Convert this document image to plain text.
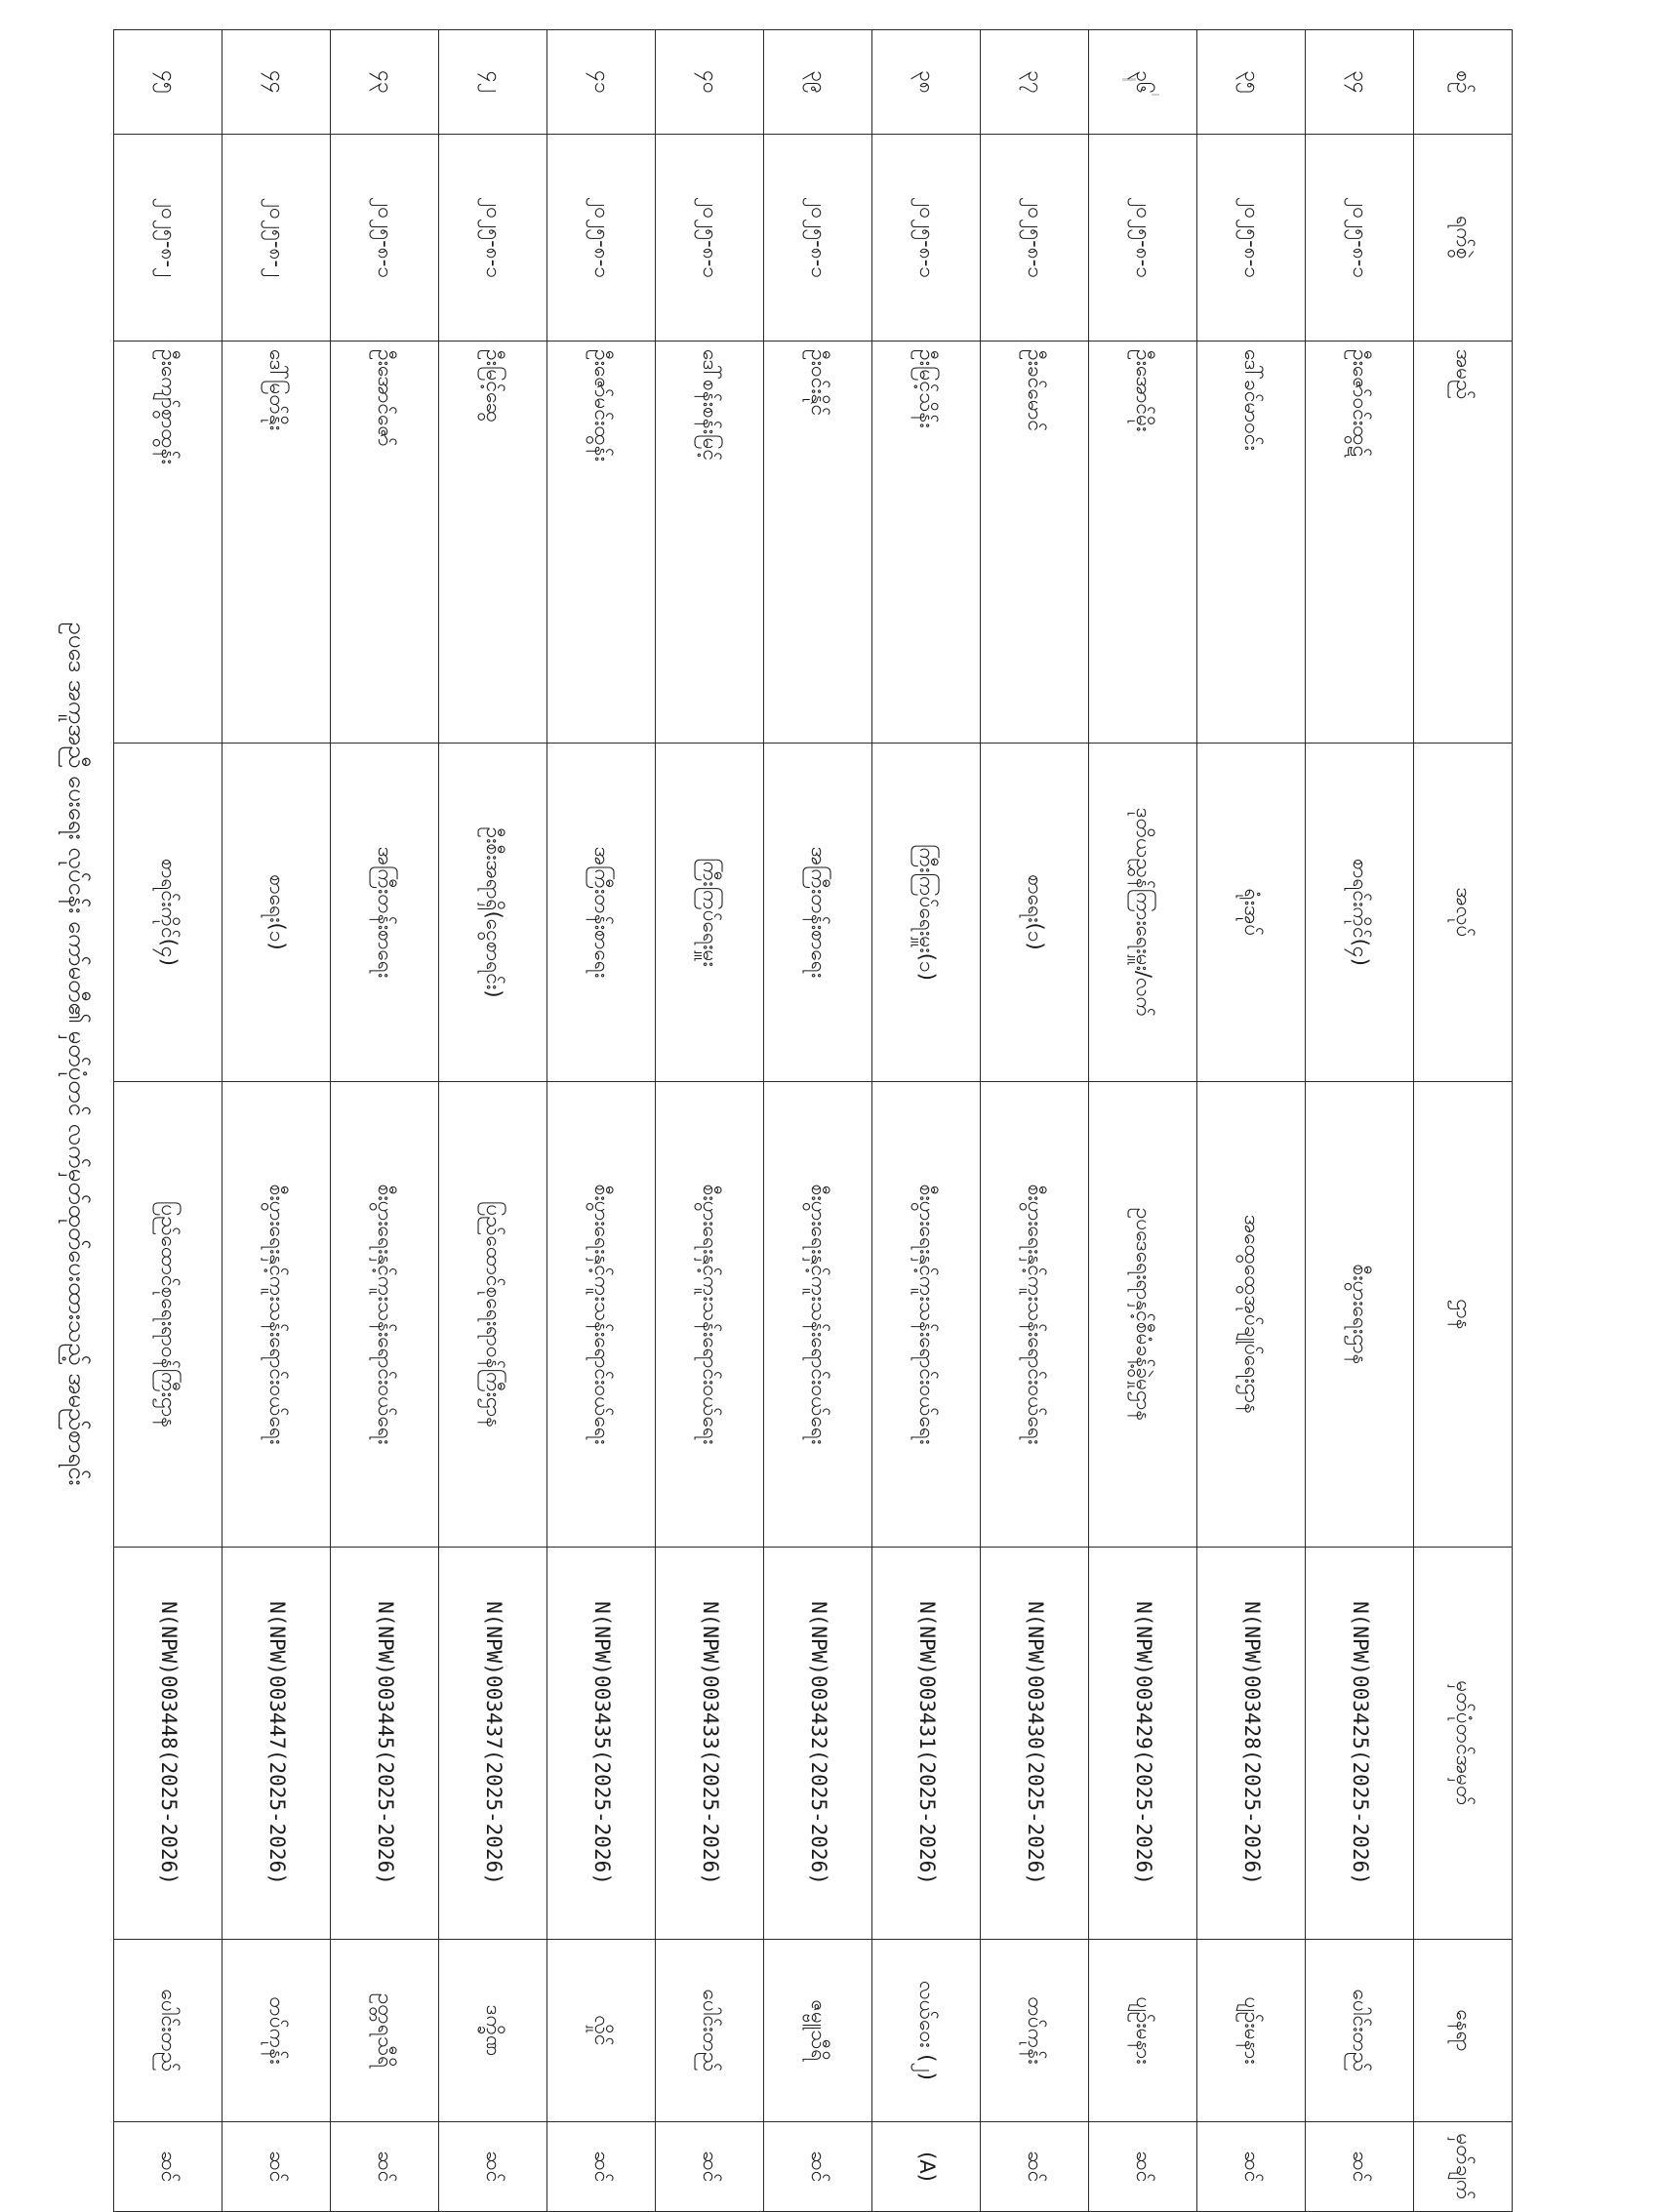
စဉ်	ရက်စွဲ	အမည်	အလုပ်	ဌာန	မှတ်ပုံတင်အမှတ်	နေရာ	မှတ်ချက်
၃၄	၂၀၂၅-၈-၁	ဦးဇော်ဝင်းထွဋ်	စာရင်းကိုင်(၄)	စီးပွားရေးဌာန	N(NPW)003425(2025-2026)	ပေါင်းတည်	ဆင်
၃၅	၂၀၂၅-၈-၁	ဒေါ်ခင်မာဝင်း	ရုံးအုပ်	အထွေထွေအုပ်ချုပ်ရေးဌာန	N(NPW)003428(2025-2026)	ပျဉ်းမနား	ဆင်
၃၆	၂၀၂၅-၈-၁	ဦးအောင်မိုး	ဒုတိယညွှန်ကြားရေးမှူး/လက်	ဥပဒေရေးရာနှင့်စီမံခန့်ခွဲမှုဌာန	N(NPW)003429(2025-2026)	ပျဉ်းမနား	ဆင်
၃၇	၂၀၂၅-၈-၁	ဦးခင်မောင်	စာရေး(၁)	စီးပွားရေးနှင့်ကူးသန်းရောင်းဝယ်ရေး	N(NPW)003430(2025-2026)	တပ်ကုန်း	ဆင်
၃၈	၂၀၂၅-၈-၁	ဦးမြင့်သိန်း	ကြီးကြပ်ရေးမှူး(၁)	စီးပွားရေးနှင့်ကူးသန်းရောင်းဝယ်ရေး	N(NPW)003431(2025-2026)	လယ်ဝေး (၂)	(A)
၃၉	၂၀၂၅-၈-၁	ဦးဝင်းနိုင်	အကြီးတန်းစာရေး	စီးပွားရေးနှင့်ကူးသန်းရောင်းဝယ်ရေး	N(NPW)003432(2025-2026)	ဇမ္ဗူသီရိ	ဆင်
၄၀	၂၀၂၅-၈-၁	ဒေါ်စန်းစန်းမြင့်	ကြီးကြပ်ရေးမှူး	စီးပွားရေးနှင့်ကူးသန်းရောင်းဝယ်ရေး	N(NPW)003433(2025-2026)	ပေါင်းတည်	ဆင်
၄၁	၂၀၂၅-၈-၁	ဦးဇော်မင်းထွန်း	အကြီးတန်းစာရေး	စီးပွားရေးနှင့်ကူးသန်းရောင်းဝယ်ရေး	N(NPW)003435(2025-2026)	လှိုင်	ဆင်
၄၂	၂၀၂၅-၈-၁	ဦးမြင့်ဆွေ	ဦးစီးအရာရှိ(ငွေစာရင်း)	ပြည်ထောင်စုရေးရာဝန်ကြီးဌာန	N(NPW)003437(2025-2026)	ဒက္ခိဏ	ဆင်
၄၃	၂၀၂၅-၈-၁	ဦးအောင်ဇော်	အကြီးတန်းစာရေး	စီးပွားရေးနှင့်ကူးသန်းရောင်းဝယ်ရေး	N(NPW)003445(2025-2026)	ဥတ္တရသီရိ	ဆင်
၄၄	၂၀၂၅-၈-၂	ဒေါ်မြတ်နိုး	စာရေး(၁)	စီးပွားရေးနှင့်ကူးသန်းရောင်းဝယ်ရေး	N(NPW)003447(2025-2026)	တပ်ကုန်း	ဆင်
၄၅	၂၀၂၅-၈-၂	ဦးကျော်စွာထွန်း	စာရင်းကိုင်(၄)	ပြည်ထောင်စုရေးရာဝန်ကြီးဌာန	N(NPW)003448(2025-2026)	ပေါင်းတည်	ဆင်
ဥပဒေ အကူအညီ ပေးရေး လုပ်ငန်း ကော်မတီ၏ မှတ်ပုံတင် လက်မှတ်ထုတ်ပေးထားသည့် အမည်စာရင်း
